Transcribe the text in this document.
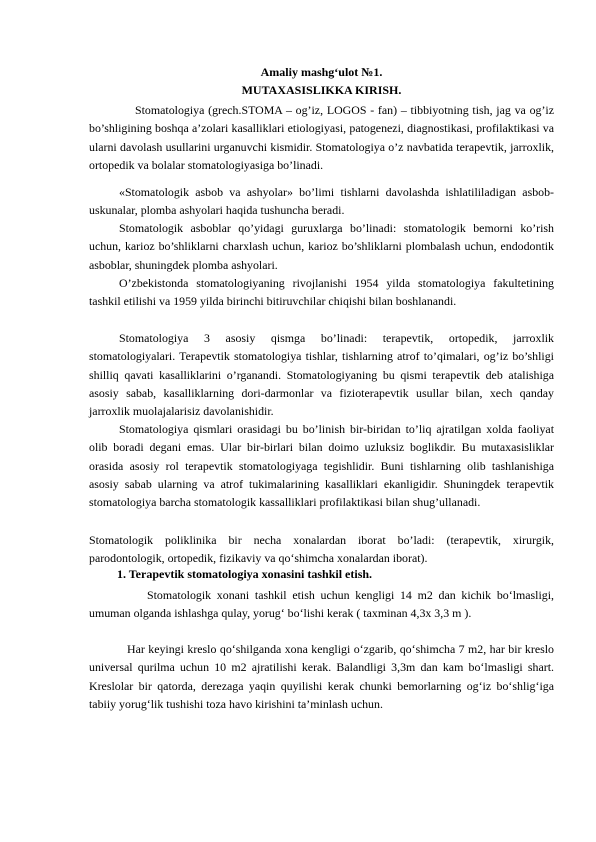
Amaliy mashg‘ulot №1.
MUTAXASISLIKKA KIRISH.

Stomatologiya (grech.STOMA – og’iz, LOGOS - fan) – tibbiyotning tish, jag va og’iz bo’shligining boshqa a’zolari kasalliklari etiologiyasi, patogenezi, diagnostikasi, profilaktikasi va ularni davolash usullarini urganuvchi kismidir. Stomatologiya o’z navbatida terapevtik, jarroxlik, ortopedik va bolalar stomatologiyasiga bo’linadi.

«Stomatologik asbob va ashyolar» bo’limi tishlarni davolashda ishlatililadigan asbob-uskunalar, plomba ashyolari haqida tushuncha beradi.

Stomatologik asboblar qo’yidagi guruxlarga bo’linadi: stomatologik bemorni ko’rish uchun, karioz bo’shliklarni charxlash uchun, karioz bo’shliklarni plombalash uchun, endodontik asboblar, shuningdek plomba ashyolari.

O’zbekistonda stomatologiyaning rivojlanishi 1954 yilda stomatologiya fakultetining tashkil etilishi va 1959 yilda birinchi bitiruvchilar chiqishi bilan boshlanandi.

Stomatologiya 3 asosiy qismga bo’linadi: terapevtik, ortopedik, jarroxlik stomatologiyalari. Terapevtik stomatologiya tishlar, tishlarning atrof to’qimalari, og’iz bo’shligi shilliq qavati kasalliklarini o’rganandi. Stomatologiyaning bu qismi terapevtik deb atalishiga asosiy sabab, kasalliklarning dori-darmonlar va fizioterapevtik usullar bilan, xech qanday jarroxlik muolajalarisiz davolanishidir.

Stomatologiya qismlari orasidagi bu bo’linish bir-biridan to’liq ajratilgan xolda faoliyat olib boradi degani emas. Ular bir-birlari bilan doimo uzluksiz boglikdir. Bu mutaxasisliklar orasida asosiy rol terapevtik stomatologiyaga tegishlidir. Buni tishlarning olib tashlanishiga asosiy sabab ularning va atrof tukimalarining kasalliklari ekanligidir. Shuningdek terapevtik stomatologiya barcha stomatologik kassalliklari profilaktikasi bilan shug’ullanadi.

Stomatologik poliklinika bir necha xonalardan iborat bo’ladi: (terapevtik, xirurgik, parodontologik, ortopedik, fizikaviy va qo‘shimcha xonalardan iborat).

1. Terapevtik stomatologiya xonasini tashkil etish.

Stomatologik xonani tashkil etish uchun kengligi 14 m2 dan kichik bo‘lmasligi, umuman olganda ishlashga qulay, yorug‘ bo‘lishi kerak ( taxminan 4,3x 3,3 m ).

Har keyingi kreslo qo‘shilganda xona kengligi o‘zgarib, qo‘shimcha 7 m2, har bir kreslo universal qurilma uchun 10 m2 ajratilishi kerak. Balandligi 3,3m dan kam bo‘lmasligi shart. Kreslolar bir qatorda, derezaga yaqin quyilishi kerak chunki bemorlarning og‘iz bo‘shlig‘iga tabiiy yorug‘lik tushishi toza havo kirishini ta’minlash uchun.
